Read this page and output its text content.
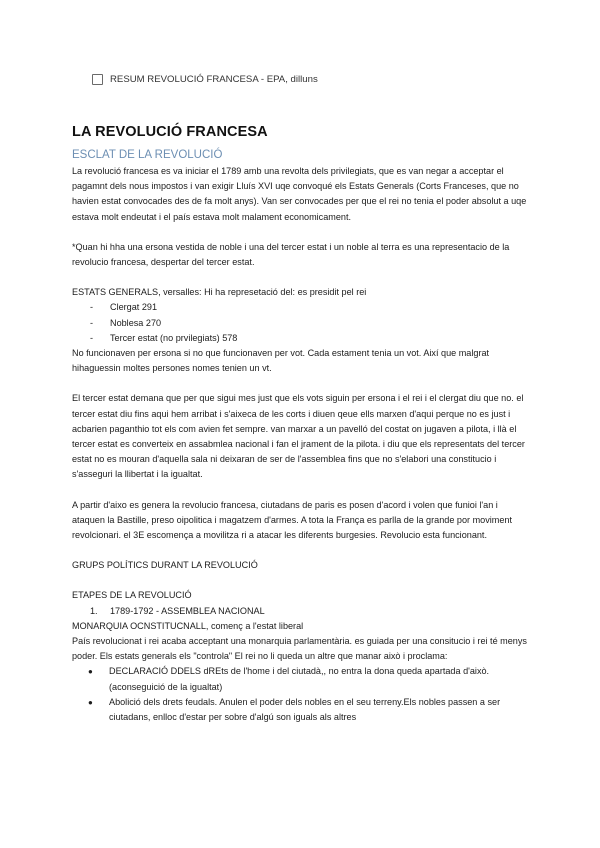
RESUM REVOLUCIÓ FRANCESA - EPA, dilluns
LA REVOLUCIÓ FRANCESA
ESCLAT DE LA REVOLUCIÓ

La revolució francesa es va iniciar el 1789 amb una revolta dels privilegiats, que es van negar a acceptar el pagamnt dels nous impostos i van exigir Lluís XVI uqe convoqué els Estats Generals (Corts Franceses, que no havien estat convocades des de fa molt anys). Van ser convocades per que el rei no tenia el poder absolut a uqe estava molt endeutat i el país estava molt malament economicament.

*Quan hi hha una ersona vestida de noble i una del tercer estat i un noble al terra es una representacio de la revolucio francesa, despertar del tercer estat.

ESTATS GENERALS, versalles: Hi ha represetació del: es presidit pel rei

-	Clergat 291
-	Noblesa 270
-	Tercer estat (no prvilegiats) 578

No funcionaven per ersona si no que funcionaven per vot. Cada estament tenia un vot. Així que malgrat hihaguessin moltes persones nomes tenien un vt.

El tercer estat demana que per que sigui mes just que els vots siguin per ersona i el rei i el clergat diu que no. el tercer estat diu fins aqui hem arribat i s'aixeca de les corts i diuen qeue ells marxen d'aqui perque no es just i acbarien paganthio tot els com avien fet sempre. van marxar a un pavelló del costat on jugaven a pilota, i llà el tercer estat es converteix en assabmlea nacional i fan el jrament de la pilota. i diu que els representats del tercer estat no es mouran d'aquella sala ni deixaran de ser de l'assemblea fins que no s'elabori una constitucio i s'asseguri la llibertat i la igualtat.

A partir d'aixo es genera la revolucio francesa, ciutadans de paris es posen d'acord i volen que funioi l'an i ataquen la Bastille, preso oipolitica i magatzem d'armes. A tota la França es parlla de la grande por moviment revolcionari. el 3E escomença a movilitza ri a atacar les diferents burgesies. Revolucio esta funcionant.

GRUPS POLÍTICS DURANT LA REVOLUCIÓ

ETAPES DE LA REVOLUCIÓ

1.	1789-1792 - ASSEMBLEA NACIONAL

MONARQUIA OCNSTITUCNALL, començ a l'estat liberal

País revolucionat i rei acaba acceptant una monarquia parlamentària. es guiada per una consitucio i rei té menys poder. Els estats generals els "controla" El rei no li queda un altre que manar això i proclama:

●	DECLARACIÓ DDELS dREts de l'home i del ciutadà,, no entra la dona queda apartada d'això. (aconseguició de la igualtat)
●	Abolició dels drets feudals. Anulen el poder dels nobles en el seu terreny.Els nobles passen a ser ciutadans, enlloc d'estar per sobre d'algú son iguals als altres
